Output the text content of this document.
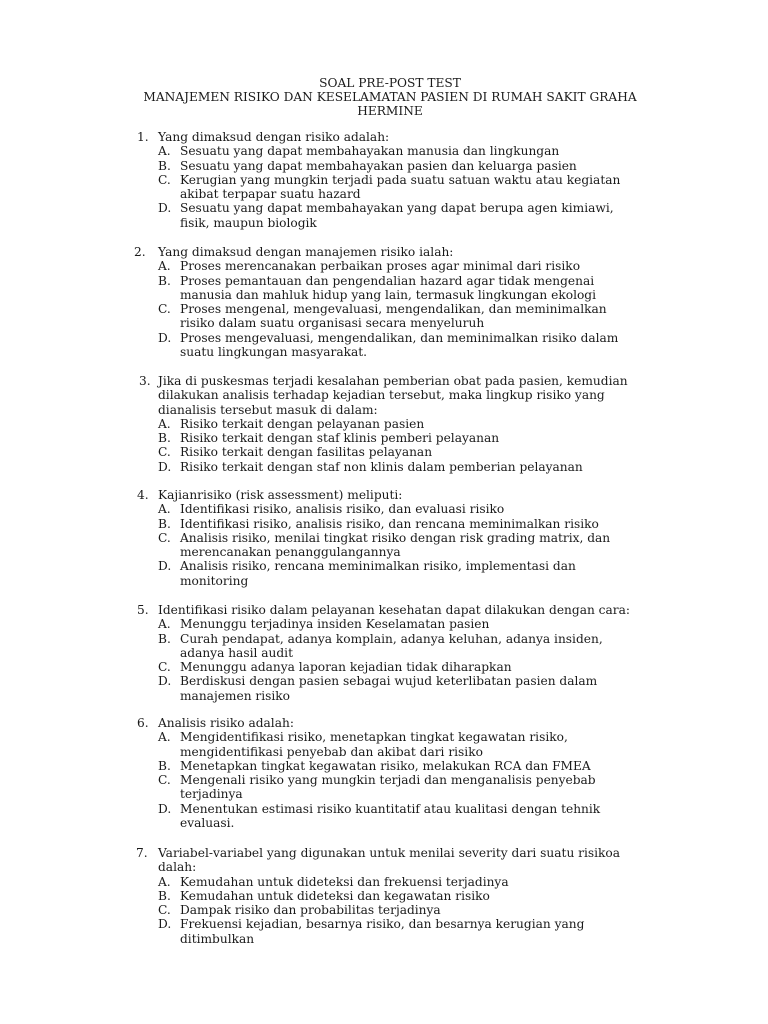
SOAL PRE-POST TEST
MANAJEMEN RISIKO DAN KESELAMATAN PASIEN DI RUMAH SAKIT GRAHA
HERMINE
1. Yang dimaksud dengan risiko adalah:
A. Sesuatu yang dapat membahayakan manusia dan lingkungan
B. Sesuatu yang dapat membahayakan pasien dan keluarga pasien
C. Kerugian yang mungkin terjadi pada suatu satuan waktu atau kegiatan
akibat terpapar suatu hazard
D. Sesuatu yang dapat membahayakan yang dapat berupa agen kimiawi,
fisik, maupun biologik
2. Yang dimaksud dengan manajemen risiko ialah:
A. Proses merencanakan perbaikan proses agar minimal dari risiko
B. Proses pemantauan dan pengendalian hazard agar tidak mengenai
manusia dan mahluk hidup yang lain, termasuk lingkungan ekologi
C. Proses mengenal, mengevaluasi, mengendalikan, dan meminimalkan
risiko dalam suatu organisasi secara menyeluruh
D. Proses mengevaluasi, mengendalikan, dan meminimalkan risiko dalam
suatu lingkungan masyarakat.
3. Jika di puskesmas terjadi kesalahan pemberian obat pada pasien, kemudian
dilakukan analisis terhadap kejadian tersebut, maka lingkup risiko yang
dianalisis tersebut masuk di dalam:
A. Risiko terkait dengan pelayanan pasien
B. Risiko terkait dengan staf klinis pemberi pelayanan
C. Risiko terkait dengan fasilitas pelayanan
D. Risiko terkait dengan staf non klinis dalam pemberian pelayanan
4. Kajianrisiko (risk assessment) meliputi:
A. Identifikasi risiko, analisis risiko, dan evaluasi risiko
B. Identifikasi risiko, analisis risiko, dan rencana meminimalkan risiko
C. Analisis risiko, menilai tingkat risiko dengan risk grading matrix, dan
merencanakan penanggulangannya
D. Analisis risiko, rencana meminimalkan risiko, implementasi dan
monitoring
5. Identifikasi risiko dalam pelayanan kesehatan dapat dilakukan dengan cara:
A. Menunggu terjadinya insiden Keselamatan pasien
B. Curah pendapat, adanya komplain, adanya keluhan, adanya insiden,
adanya hasil audit
C. Menunggu adanya laporan kejadian tidak diharapkan
D. Berdiskusi dengan pasien sebagai wujud keterlibatan pasien dalam
manajemen risiko
6. Analisis risiko adalah:
A. Mengidentifikasi risiko, menetapkan tingkat kegawatan risiko,
mengidentifikasi penyebab dan akibat dari risiko
B. Menetapkan tingkat kegawatan risiko, melakukan RCA dan FMEA
C. Mengenali risiko yang mungkin terjadi dan menganalisis penyebab
terjadinya
D. Menentukan estimasi risiko kuantitatif atau kualitasi dengan tehnik
evaluasi.
7. Variabel-variabel yang digunakan untuk menilai severity dari suatu risikoa
dalah:
A. Kemudahan untuk dideteksi dan frekuensi terjadinya
B. Kemudahan untuk dideteksi dan kegawatan risiko
C. Dampak risiko dan probabilitas terjadinya
D. Frekuensi kejadian, besarnya risiko, dan besarnya kerugian yang
ditimbulkan
